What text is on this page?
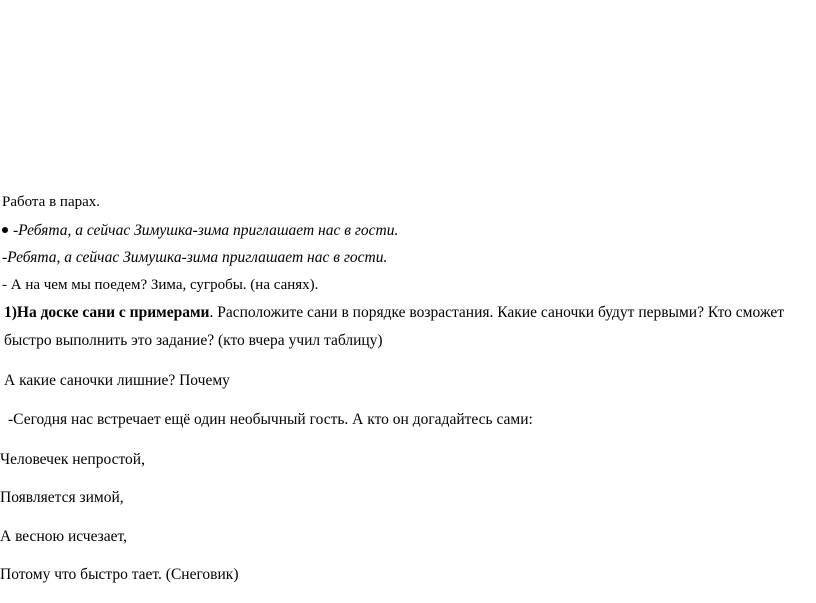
Работа в парах.
-Ребята, а сейчас Зимушка-зима приглашает нас в гости.
-Ребята, а сейчас Зимушка-зима приглашает нас в гости.
- А на чем мы поедем? Зима, сугробы. (на санях).
1)На доске сани с примерами. Расположите сани в порядке возрастания. Какие саночки будут первыми? Кто сможет
быстро выполнить это задание? (кто вчера учил таблицу)
А какие саночки лишние? Почему
-Сегодня нас встречает ещё один необычный гость. А кто он догадайтесь сами:
Человечек непростой,
Появляется зимой,
А весною исчезает,
Потому что быстро тает. (Снеговик)
